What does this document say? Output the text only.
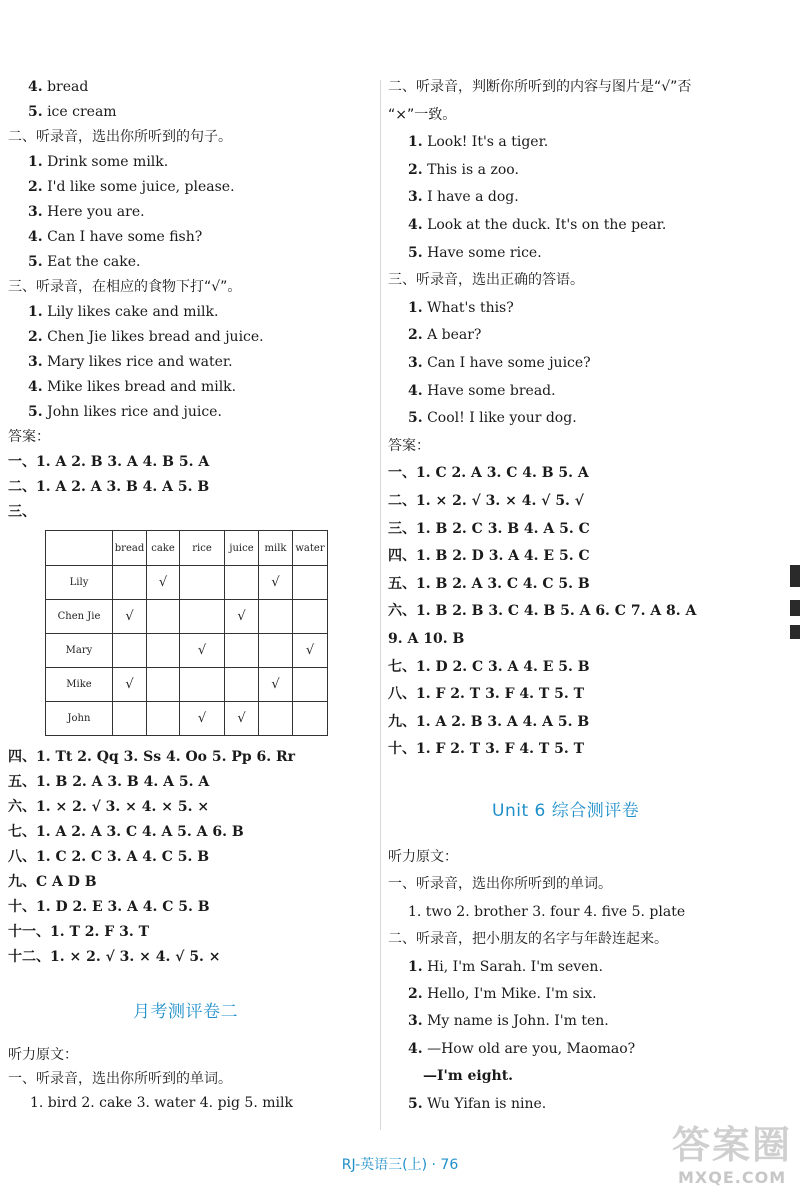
4. bread
5. ice cream
二、听录音，选出你所听到的句子。
1. Drink some milk.
2. I'd like some juice, please.
3. Here you are.
4. Can I have some fish?
5. Eat the cake.
三、听录音，在相应的食物下打“√”。
1. Lily likes cake and milk.
2. Chen Jie likes bread and juice.
3. Mary likes rice and water.
4. Mike likes bread and milk.
5. John likes rice and juice.
答案：
一、1. A 2. B 3. A 4. B 5. A
二、1. A 2. A 3. B 4. A 5. B
三、
四、1. Tt 2. Qq 3. Ss 4. Oo 5. Pp 6. Rr
五、1. B 2. A 3. B 4. A 5. A
六、1. × 2. √ 3. × 4. × 5. ×
七、1. A 2. A 3. C 4. A 5. A 6. B
八、1. C 2. C 3. A 4. C 5. B
九、C A D B
十、1. D 2. E 3. A 4. C 5. B
十一、1. T 2. F 3. T
十二、1. × 2. √ 3. × 4. √ 5. ×
听力原文：
一、听录音，选出你所听到的单词。
1. bird 2. cake 3. water 4. pig 5. milk
二、听录音，判断你所听到的内容与图片是“√”否
“×”一致。
1. Look! It's a tiger.
2. This is a zoo.
3. I have a dog.
4. Look at the duck. It's on the pear.
5. Have some rice.
三、听录音，选出正确的答语。
1. What's this?
2. A bear?
3. Can I have some juice?
4. Have some bread.
5. Cool! I like your dog.
答案：
一、1. C 2. A 3. C 4. B 5. A
二、1. × 2. √ 3. × 4. √ 5. √
三、1. B 2. C 3. B 4. A 5. C
四、1. B 2. D 3. A 4. E 5. C
五、1. B 2. A 3. C 4. C 5. B
六、1. B 2. B 3. C 4. B 5. A 6. C 7. A 8. A
9. A 10. B
七、1. D 2. C 3. A 4. E 5. B
八、1. F 2. T 3. F 4. T 5. T
九、1. A 2. B 3. A 4. A 5. B
十、1. F 2. T 3. F 4. T 5. T
听力原文：
一、听录音，选出你所听到的单词。
1. two 2. brother 3. four 4. five 5. plate
二、听录音，把小朋友的名字与年龄连起来。
1. Hi, I'm Sarah. I'm seven.
2. Hello, I'm Mike. I'm six.
3. My name is John. I'm ten.
4. —How old are you, Maomao?
—I'm eight.
5. Wu Yifan is nine.
	bread	cake	rice	juice	milk	water
Lily		√			√	
Chen Jie	√			√		
Mary			√			√
Mike	√				√	
John			√	√		
月考测评卷二
Unit 6 综合测评卷
RJ-英语三(上) · 76	答案圈
MXQE.COM
